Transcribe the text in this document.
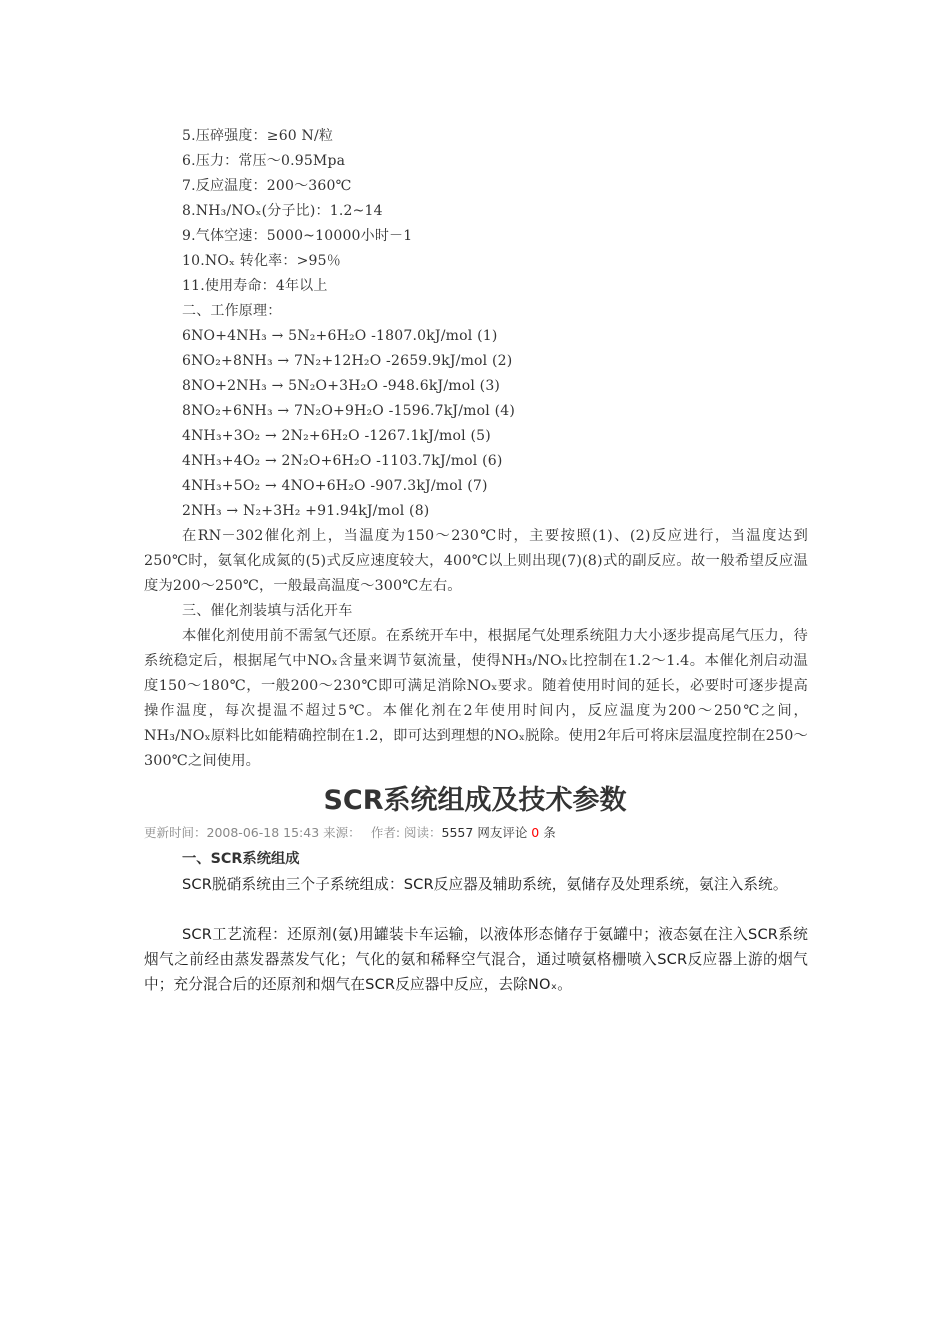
5.压碎强度：≥60 N/粒
6.压力：常压～0.95Mpa
7.反应温度：200～360℃
8.NH₃/NOₓ(分子比)：1.2~14
9.气体空速：5000~10000小时－1
10.NOₓ 转化率：>95％
11.使用寿命：4年以上
二、工作原理：
6NO+4NH₃ → 5N₂+6H₂O -1807.0kJ/mol (1)
6NO₂+8NH₃ → 7N₂+12H₂O -2659.9kJ/mol (2)
8NO+2NH₃ → 5N₂O+3H₂O -948.6kJ/mol (3)
8NO₂+6NH₃ → 7N₂O+9H₂O -1596.7kJ/mol (4)
4NH₃+3O₂ → 2N₂+6H₂O -1267.1kJ/mol (5)
4NH₃+4O₂ → 2N₂O+6H₂O -1103.7kJ/mol (6)
4NH₃+5O₂ → 4NO+6H₂O -907.3kJ/mol (7)
2NH₃ → N₂+3H₂ +91.94kJ/mol (8)
在RN－302催化剂上，当温度为150～230℃时，主要按照(1)、(2)反应进行，当温度达到250℃时，氨氧化成氮的(5)式反应速度较大，400℃以上则出现(7)(8)式的副反应。故一般希望反应温度为200～250℃，一般最高温度～300℃左右。
三、催化剂装填与活化开车
本催化剂使用前不需氢气还原。在系统开车中，根据尾气处理系统阻力大小逐步提高尾气压力，待系统稳定后，根据尾气中NOₓ含量来调节氨流量，使得NH₃/NOₓ比控制在1.2～1.4。本催化剂启动温度150～180℃，一般200～230℃即可满足消除NOₓ要求。随着使用时间的延长，必要时可逐步提高操作温度，每次提温不超过5℃。本催化剂在2年使用时间内，反应温度为200～250℃之间，NH₃/NOₓ原料比如能精确控制在1.2，即可达到理想的NOₓ脱除。使用2年后可将床层温度控制在250～300℃之间使用。
SCR系统组成及技术参数
更新时间：2008-06-18 15:43 来源：　 作者: 阅读：5557 网友评论 0 条
一、SCR系统组成
SCR脱硝系统由三个子系统组成：SCR反应器及辅助系统，氨储存及处理系统，氨注入系统。
SCR工艺流程：还原剂(氨)用罐装卡车运输，以液体形态储存于氨罐中；液态氨在注入SCR系统烟气之前经由蒸发器蒸发气化；气化的氨和稀释空气混合，通过喷氨格栅喷入SCR反应器上游的烟气中；充分混合后的还原剂和烟气在SCR反应器中反应，去除NOₓ。
